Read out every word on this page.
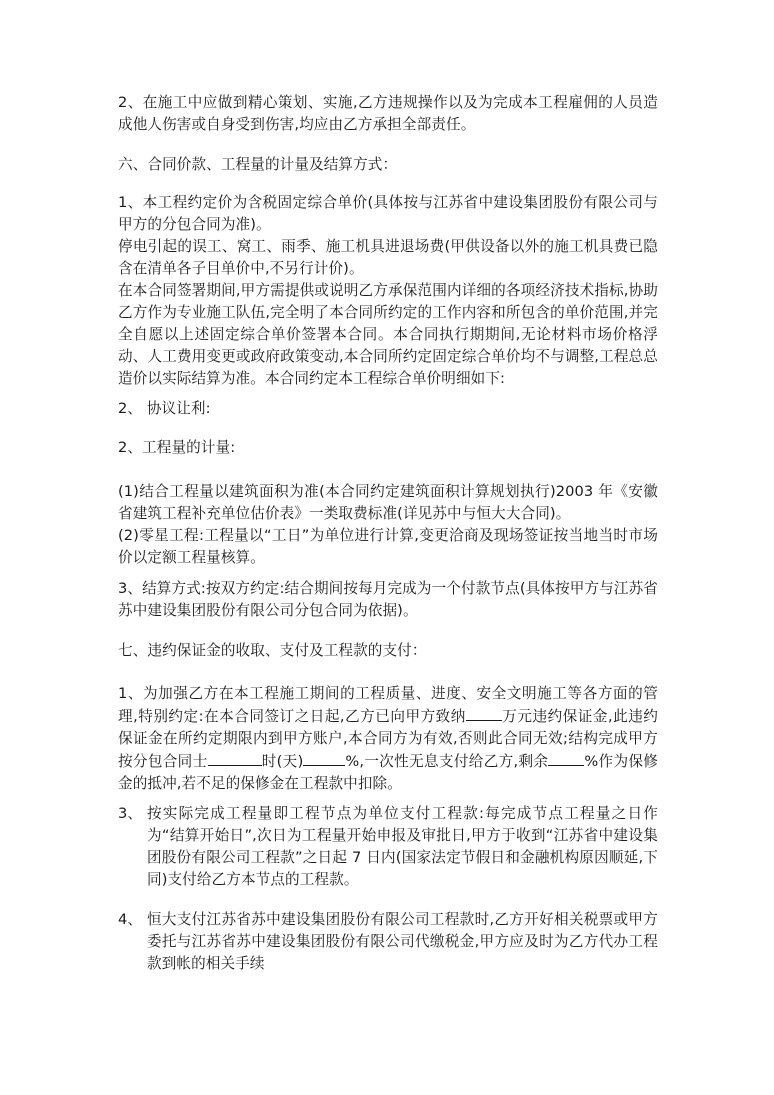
2、在施工中应做到精心策划、实施,乙方违规操作以及为完成本工程雇佣的人员造成他人伤害或自身受到伤害,均应由乙方承担全部责任。

六、合同价款、工程量的计量及结算方式：

1、本工程约定价为含税固定综合单价(具体按与江苏省中建设集团股份有限公司与甲方的分包合同为准)。

停电引起的误工、窝工、雨季、施工机具进退场费(甲供设备以外的施工机具费已隐含在清单各子目单价中,不另行计价)。

在本合同签署期间,甲方需提供或说明乙方承保范围内详细的各项经济技术指标,协助乙方作为专业施工队伍,完全明了本合同所约定的工作内容和所包含的单价范围,并完全自愿以上述固定综合单价签署本合同。本合同执行期期间,无论材料市场价格浮动、人工费用变更或政府政策变动,本合同所约定固定综合单价均不与调整,工程总总造价以实际结算为准。本合同约定本工程综合单价明细如下:

2、 协议让利:

2、工程量的计量:

(1)结合工程量以建筑面积为准(本合同约定建筑面积计算规划执行)2003 年《安徽省建筑工程补充单位估价表》一类取费标准(详见苏中与恒大大合同)。

(2)零星工程:工程量以“工日”为单位进行计算,变更洽商及现场签证按当地当时市场价以定额工程量核算。

3、结算方式:按双方约定:结合期间按每月完成为一个付款节点(具体按甲方与江苏省苏中建设集团股份有限公司分包合同为依据)。

七、违约保证金的收取、支付及工程款的支付：

1、为加强乙方在本工程施工期间的工程质量、进度、安全文明施工等各方面的管理,特别约定:在本合同签订之日起,乙方已向甲方致纳 万元违约保证金,此违约保证金在所约定期限内到甲方账户,本合同方为有效,否则此合同无效;结构完成甲方按分包合同士	时(天)	%,一次性无息支付给乙方,剩余 %作为保修金的抵冲,若不足的保修金在工程款中扣除。

3、 按实际完成工程量即工程节点为单位支付工程款:每完成节点工程量之日作为“结算开始日”,次日为工程量开始申报及审批日,甲方于收到“江苏省中建设集团股份有限公司工程款”之日起 7 日内(国家法定节假日和金融机构原因顺延,下同)支付给乙方本节点的工程款。
4、 恒大支付江苏省苏中建设集团股份有限公司工程款时,乙方开好相关税票或甲方委托与江苏省苏中建设集团股份有限公司代缴税金,甲方应及时为乙方代办工程款到帐的相关手续
